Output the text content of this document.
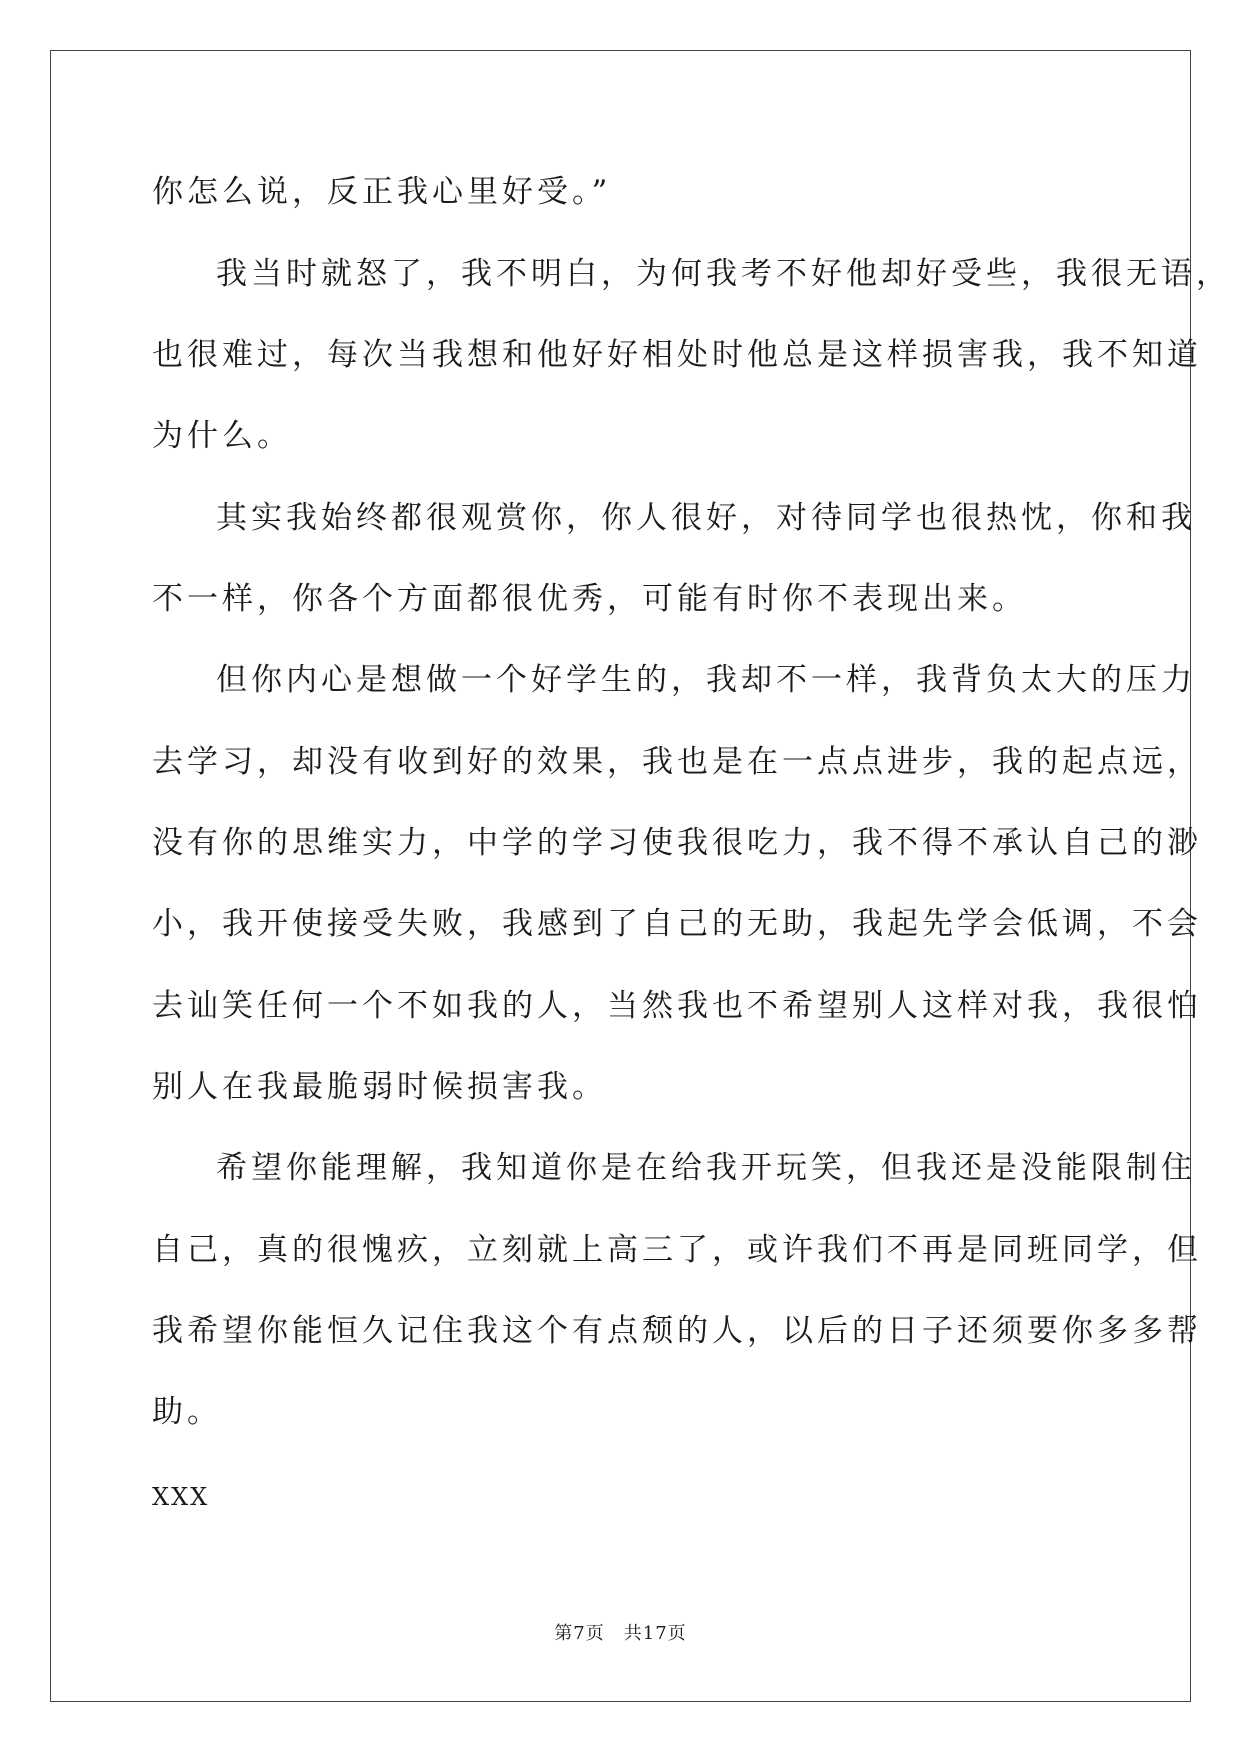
你怎么说，反正我心里好受。”
我当时就怒了，我不明白，为何我考不好他却好受些，我很无语，
也很难过，每次当我想和他好好相处时他总是这样损害我，我不知道
为什么。
其实我始终都很观赏你，你人很好，对待同学也很热忱，你和我
不一样，你各个方面都很优秀，可能有时你不表现出来。
但你内心是想做一个好学生的，我却不一样，我背负太大的压力
去学习，却没有收到好的效果，我也是在一点点进步，我的起点远，
没有你的思维实力，中学的学习使我很吃力，我不得不承认自己的渺
小，我开使接受失败，我感到了自己的无助，我起先学会低调，不会
去讪笑任何一个不如我的人，当然我也不希望别人这样对我，我很怕
别人在我最脆弱时候损害我。
希望你能理解，我知道你是在给我开玩笑，但我还是没能限制住
自己，真的很愧疚，立刻就上高三了，或许我们不再是同班同学，但
我希望你能恒久记住我这个有点颓的人，以后的日子还须要你多多帮
助。
XXX
第7页　共17页
